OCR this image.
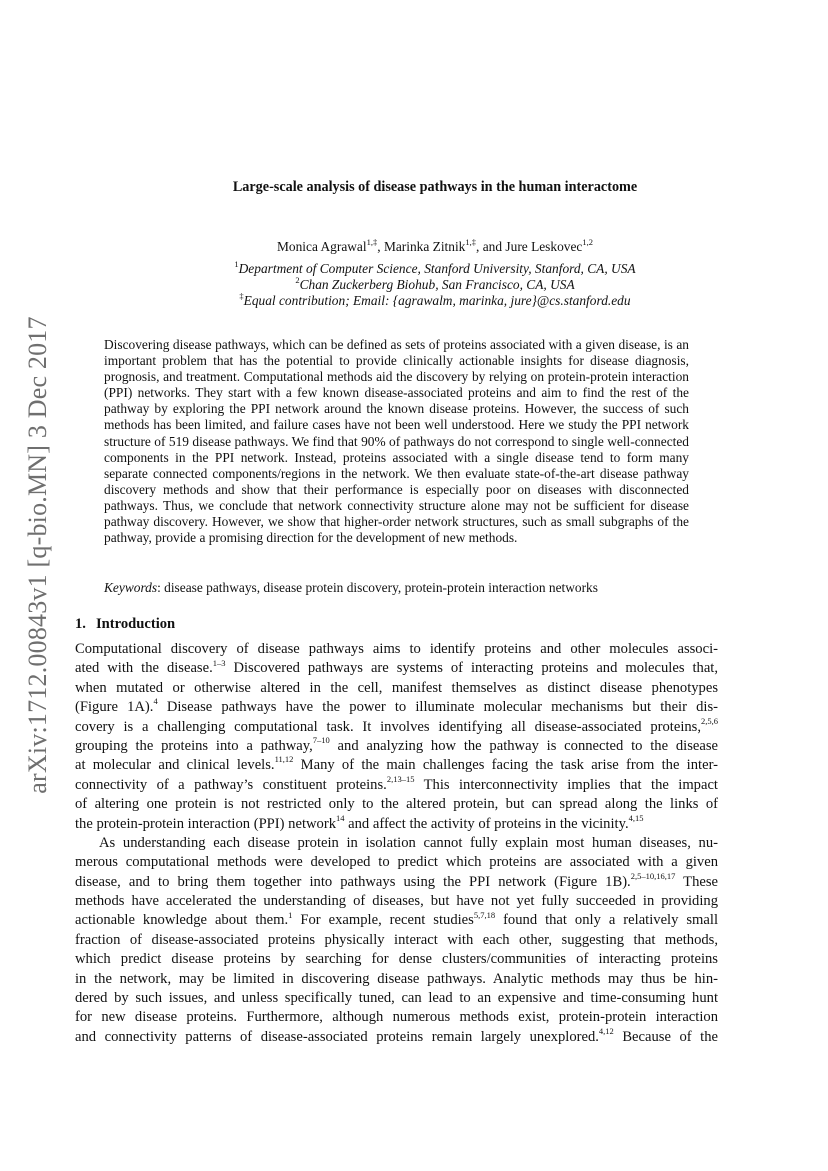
arXiv:1712.00843v1 [q-bio.MN] 3 Dec 2017
Large-scale analysis of disease pathways in the human interactome
Monica Agrawal$^{1,\ddagger}$, Marinka Zitnik$^{1,\ddagger}$, and Jure Leskovec$^{1,2}$
$^1$Department of Computer Science, Stanford University, Stanford, CA, USA
$^2$Chan Zuckerberg Biohub, San Francisco, CA, USA
‡Equal contribution; Email: {agrawalm, marinka, jure}@cs.stanford.edu

Discovering disease pathways, which can be defined as sets of proteins associated with a given disease, is an important problem that has the potential to provide clinically actionable insights for disease diagnosis, prognosis, and treatment. Computational methods aid the discovery by relying on protein-protein interaction (PPI) networks. They start with a few known disease-associated proteins and aim to find the rest of the pathway by exploring the PPI network around the known disease proteins. However, the success of such methods has been limited, and failure cases have not been well understood. Here we study the PPI network structure of 519 disease pathways. We find that 90% of pathways do not correspond to single well-connected components in the PPI network. Instead, proteins associated with a single disease tend to form many separate connected components/regions in the network. We then evaluate state-of-the-art disease pathway discovery methods and show that their performance is especially poor on diseases with disconnected pathways. Thus, we conclude that network connectivity structure alone may not be sufficient for disease pathway discovery. However, we show that higher-order network structures, such as small subgraphs of the pathway, provide a promising direction for the development of new methods.

Keywords: disease pathways, disease protein discovery, protein-protein interaction networks
1. Introduction
Computational discovery of disease pathways aims to identify proteins and other molecules associ-
ated with the disease.$^{1-3}$ Discovered pathways are systems of interacting proteins and molecules that,
when mutated or otherwise altered in the cell, manifest themselves as distinct disease phenotypes
(Figure 1A).$^4$ Disease pathways have the power to illuminate molecular mechanisms but their dis-
covery is a challenging computational task. It involves identifying all disease-associated proteins,$^{2,5,6}$
grouping the proteins into a pathway,$^{7-10}$ and analyzing how the pathway is connected to the disease
at molecular and clinical levels.$^{11,12}$ Many of the main challenges facing the task arise from the inter-
connectivity of a pathway’s constituent proteins.$^{2,13-15}$ This interconnectivity implies that the impact
of altering one protein is not restricted only to the altered protein, but can spread along the links of
the protein-protein interaction (PPI) network$^{14}$ and affect the activity of proteins in the vicinity.$^{4,15}$
As understanding each disease protein in isolation cannot fully explain most human diseases, nu-
merous computational methods were developed to predict which proteins are associated with a given
disease, and to bring them together into pathways using the PPI network (Figure 1B).$^{2,5-10,16,17}$ These
methods have accelerated the understanding of diseases, but have not yet fully succeeded in providing
actionable knowledge about them.$^1$ For example, recent studies$^{5,7,18}$ found that only a relatively small
fraction of disease-associated proteins physically interact with each other, suggesting that methods,
which predict disease proteins by searching for dense clusters/communities of interacting proteins
in the network, may be limited in discovering disease pathways. Analytic methods may thus be hin-
dered by such issues, and unless specifically tuned, can lead to an expensive and time-consuming hunt
for new disease proteins. Furthermore, although numerous methods exist, protein-protein interaction
and connectivity patterns of disease-associated proteins remain largely unexplored.$^{4,12}$ Because of the
